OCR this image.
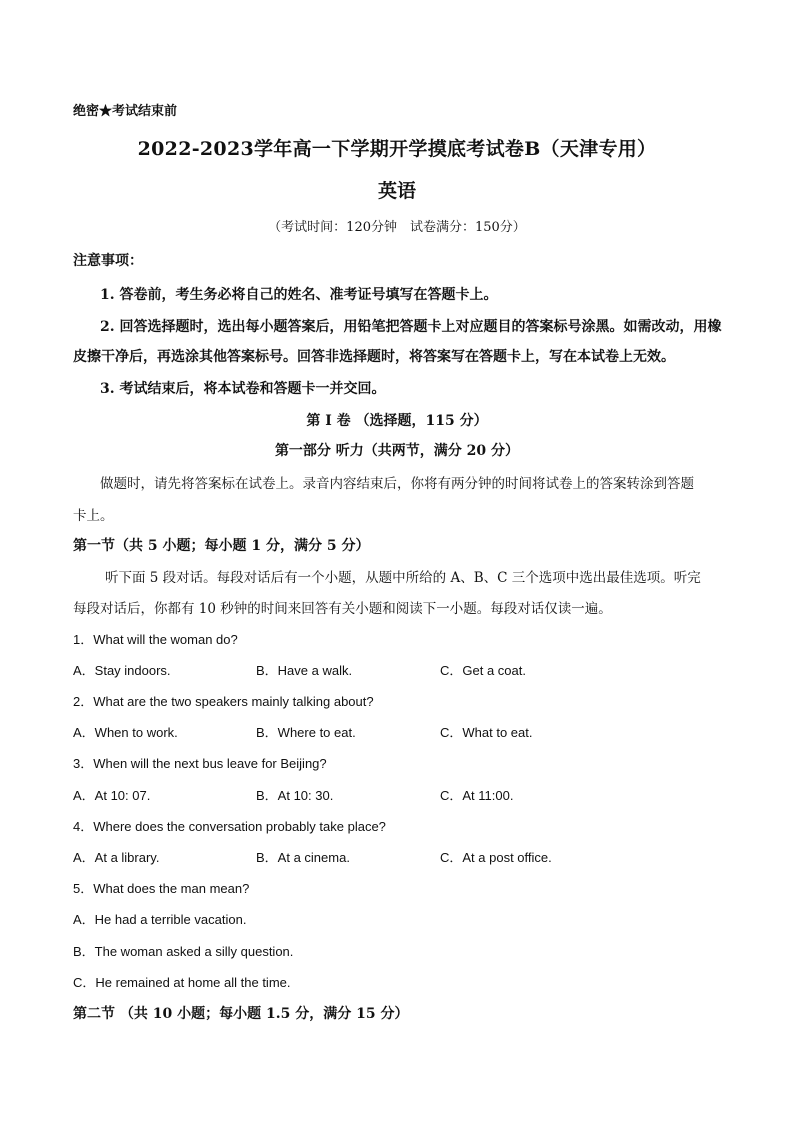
绝密★考试结束前
2022-2023学年高一下学期开学摸底考试卷B（天津专用）
英语
（考试时间：120分钟　试卷满分：150分）
注意事项：
1. 答卷前，考生务必将自己的姓名、准考证号填写在答题卡上。
2. 回答选择题时，选出每小题答案后，用铅笔把答题卡上对应题目的答案标号涂黑。如需改动，用橡
皮擦干净后，再选涂其他答案标号。回答非选择题时，将答案写在答题卡上，写在本试卷上无效。
3. 考试结束后，将本试卷和答题卡一并交回。
第 I 卷 （选择题，115 分）
第一部分 听力（共两节，满分 20 分）
做题时，请先将答案标在试卷上。录音内容结束后，你将有两分钟的时间将试卷上的答案转涂到答题
卡上。
第一节（共 5 小题；每小题 1 分，满分 5 分）
听下面 5 段对话。每段对话后有一个小题，从题中所给的 A、B、C 三个选项中选出最佳选项。听完
每段对话后，你都有 10 秒钟的时间来回答有关小题和阅读下一小题。每段对话仅读一遍。
1．What will the woman do?
A．Stay indoors.	B．Have a walk.	C．Get a coat.
2．What are the two speakers mainly talking about?
A．When to work.	B．Where to eat.	C．What to eat.
3．When will the next bus leave for Beijing?
A．At 10: 07.	B．At 10: 30.	C．At 11:00.
4．Where does the conversation probably take place?
A．At a library.	B．At a cinema.	C．At a post office.
5．What does the man mean?
A．He had a terrible vacation.
B．The woman asked a silly question.
C．He remained at home all the time.
第二节 （共 10 小题；每小题 1.5 分，满分 15 分）
